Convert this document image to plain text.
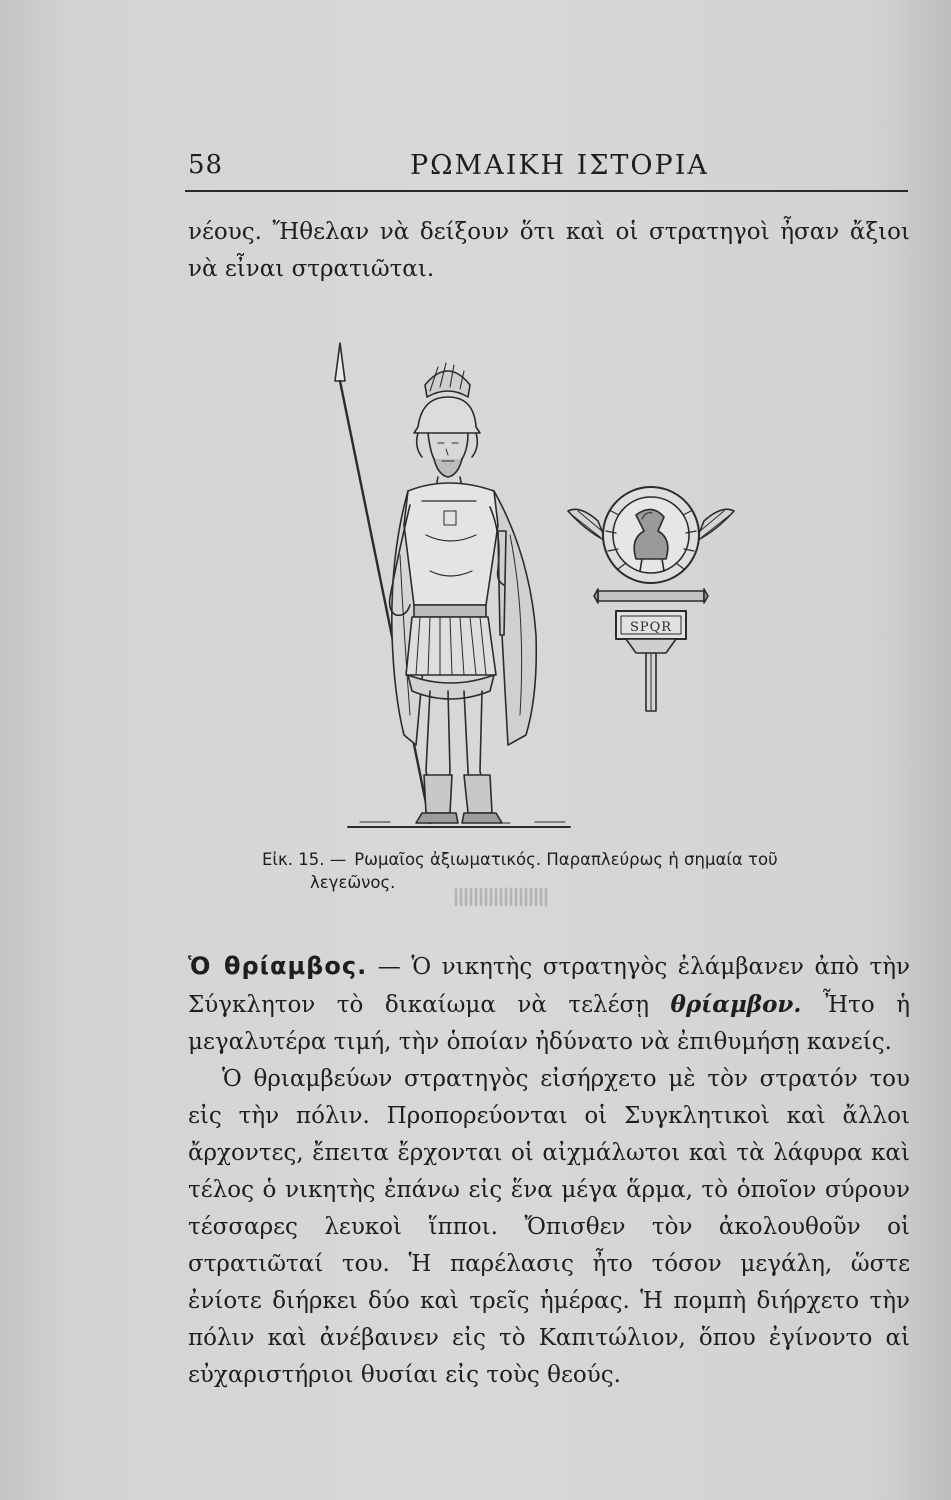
58	ΡΩΜΑΙΚΗ ΙΣΤΟΡΙΑ

νέους. Ἤθελαν νὰ δείξουν ὅτι καὶ οἱ στρατηγοὶ ἦσαν ἄξιοι νὰ εἶναι στρατιῶται.

SPQR

Εἰκ. 15. — Ρωμαῖος ἀξιωματικός. Παραπλεύρως ἡ σημαία τοῦ
λεγεῶνος.

Ὁ θρίαμβος. — Ὁ νικητὴς στρατηγὸς ἐλάμβανεν ἀπὸ τὴν Σύγκλητον τὸ δικαίωμα νὰ τελέσῃ θρίαμβον. Ἦτο ἡ μεγαλυτέρα τιμή, τὴν ὁποίαν ἠδύνατο νὰ ἐπιθυμήσῃ κανείς.

Ὁ θριαμβεύων στρατηγὸς εἰσήρχετο μὲ τὸν στρατόν του εἰς τὴν πόλιν. Προπορεύονται οἱ Συγκλητικοὶ καὶ ἄλλοι ἄρχοντες, ἔπειτα ἔρχονται οἱ αἰχμάλωτοι καὶ τὰ λάφυρα καὶ τέλος ὁ νικητὴς ἐπάνω εἰς ἕνα μέγα ἅρμα, τὸ ὁποῖον σύρουν τέσσαρες λευκοὶ ἵπποι. Ὄπισθεν τὸν ἀκολουθοῦν οἱ στρατιῶταί του. Ἡ παρέλασις ἦτο τόσον μεγάλη, ὥστε ἐνίοτε διήρκει δύο καὶ τρεῖς ἡμέρας. Ἡ πομπὴ διήρχετο τὴν πόλιν καὶ ἀνέβαινεν εἰς τὸ Καπιτώλιον, ὅπου ἐγίνοντο αἱ εὐχαριστήριοι θυσίαι εἰς τοὺς θεούς.
